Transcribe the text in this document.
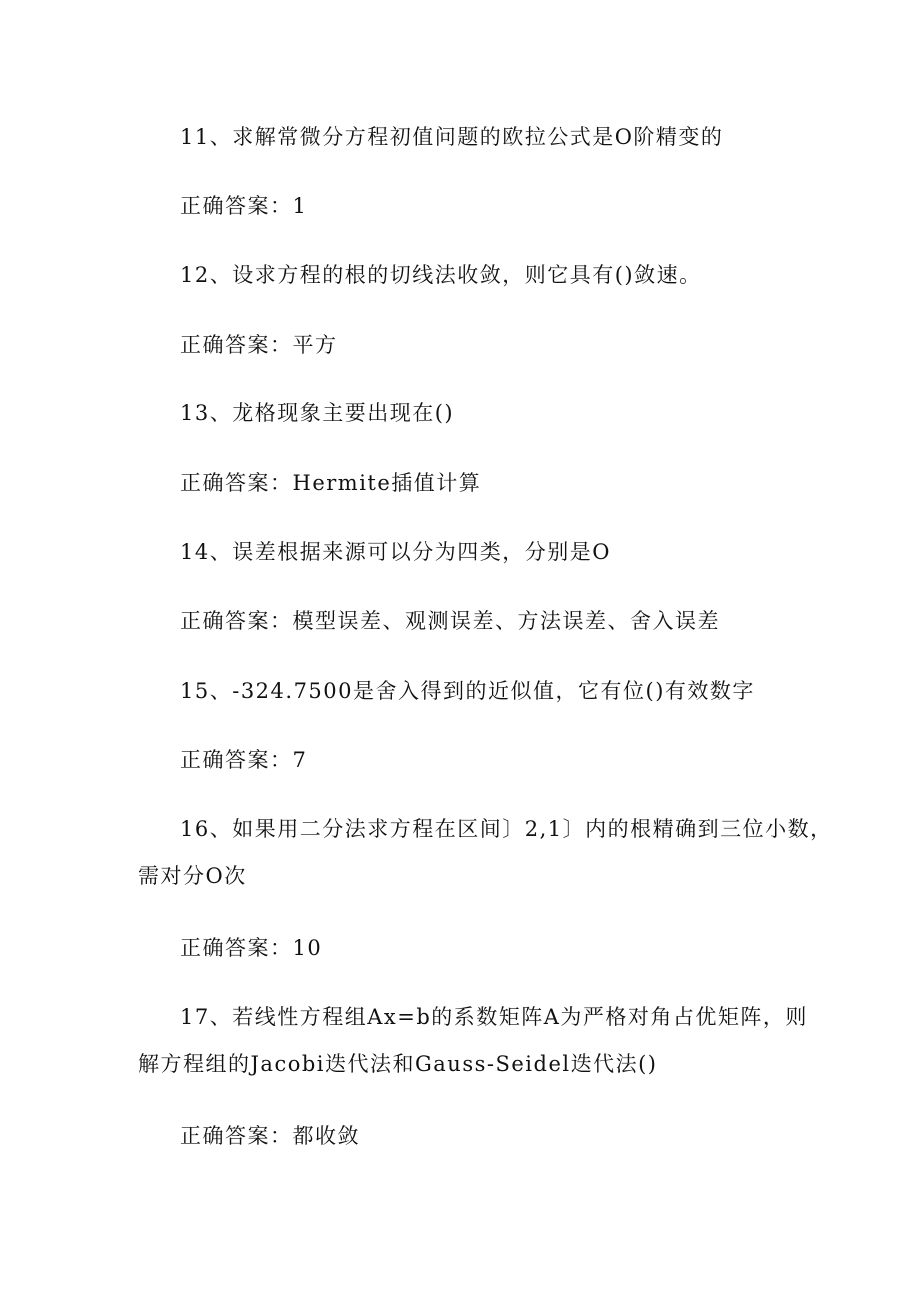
11、求解常微分方程初值问题的欧拉公式是O阶精变的
正确答案：1
12、设求方程的根的切线法收敛，则它具有()敛速。
正确答案：平方
13、龙格现象主要出现在()
正确答案：Hermite插值计算
14、误差根据来源可以分为四类，分别是O
正确答案：模型误差、观测误差、方法误差、舍入误差
15、-324.7500是舍入得到的近似值，它有位()有效数字
正确答案：7
16、如果用二分法求方程在区间〕2,1〕内的根精确到三位小数，
需对分O次
正确答案：10
17、若线性方程组Ax=b的系数矩阵A为严格对角占优矩阵，则
解方程组的Jacobi迭代法和Gauss-Seidel迭代法()
正确答案：都收敛
